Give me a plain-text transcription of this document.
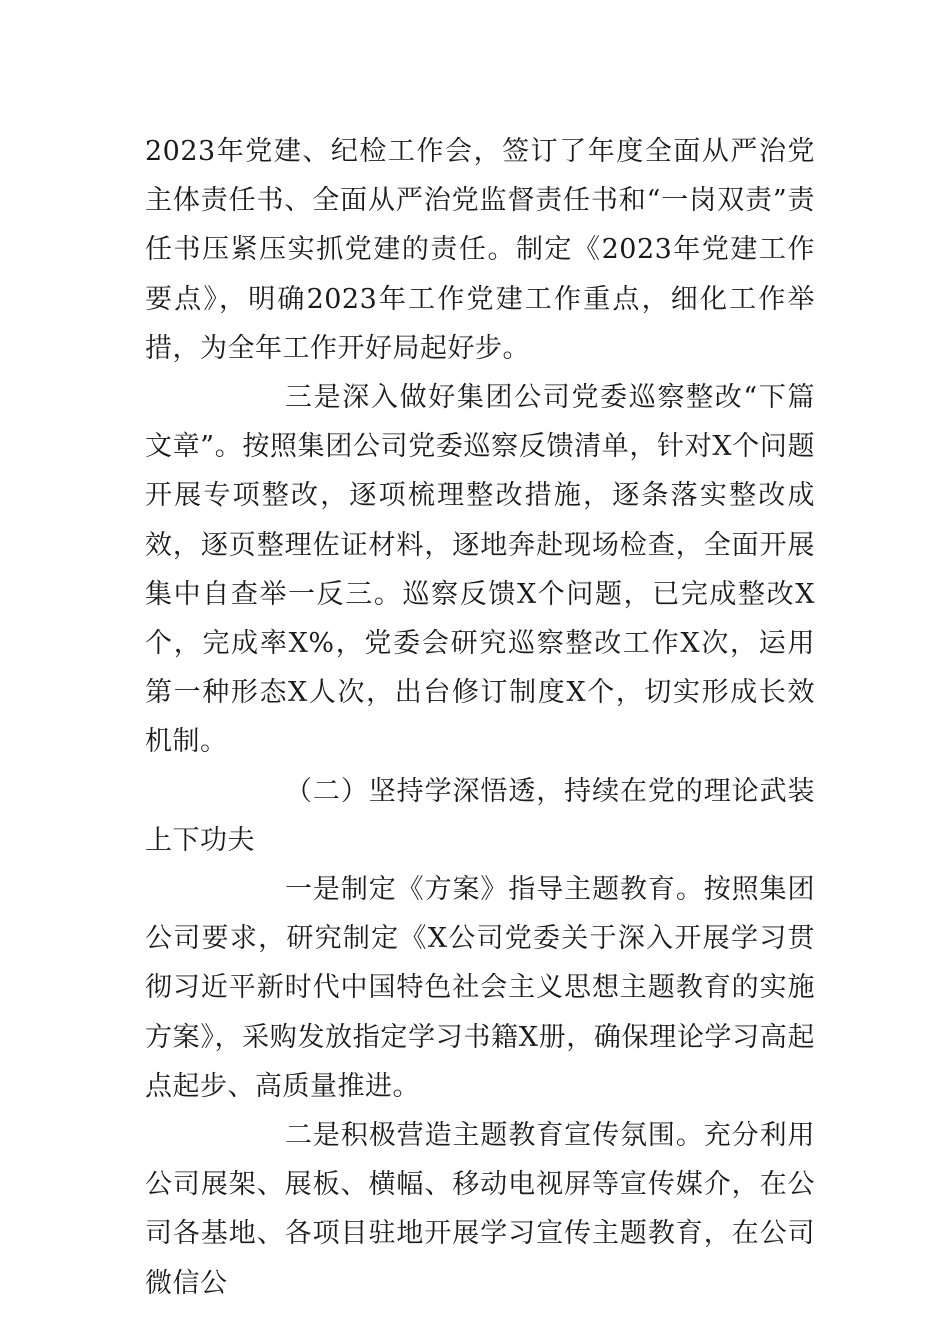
2023年党建、纪检工作会，签订了年度全面从严治党主体责任书、全面从严治党监督责任书和“一岗双责”责任书压紧压实抓党建的责任。制定《2023年党建工作要点》，明确2023年工作党建工作重点，细化工作举措，为全年工作开好局起好步。

三是深入做好集团公司党委巡察整改“下篇文章”。按照集团公司党委巡察反馈清单，针对X个问题开展专项整改，逐项梳理整改措施，逐条落实整改成效，逐页整理佐证材料，逐地奔赴现场检查，全面开展集中自查举一反三。巡察反馈X个问题，已完成整改X个，完成率X%，党委会研究巡察整改工作X次，运用第一种形态X人次，出台修订制度X个，切实形成长效机制。

（二）坚持学深悟透，持续在党的理论武装上下功夫

一是制定《方案》指导主题教育。按照集团公司要求，研究制定《X公司党委关于深入开展学习贯彻习近平新时代中国特色社会主义思想主题教育的实施方案》，采购发放指定学习书籍X册，确保理论学习高起点起步、高质量推进。

二是积极营造主题教育宣传氛围。充分利用公司展架、展板、横幅、移动电视屏等宣传媒介，在公司各基地、各项目驻地开展学习宣传主题教育，在公司微信公
